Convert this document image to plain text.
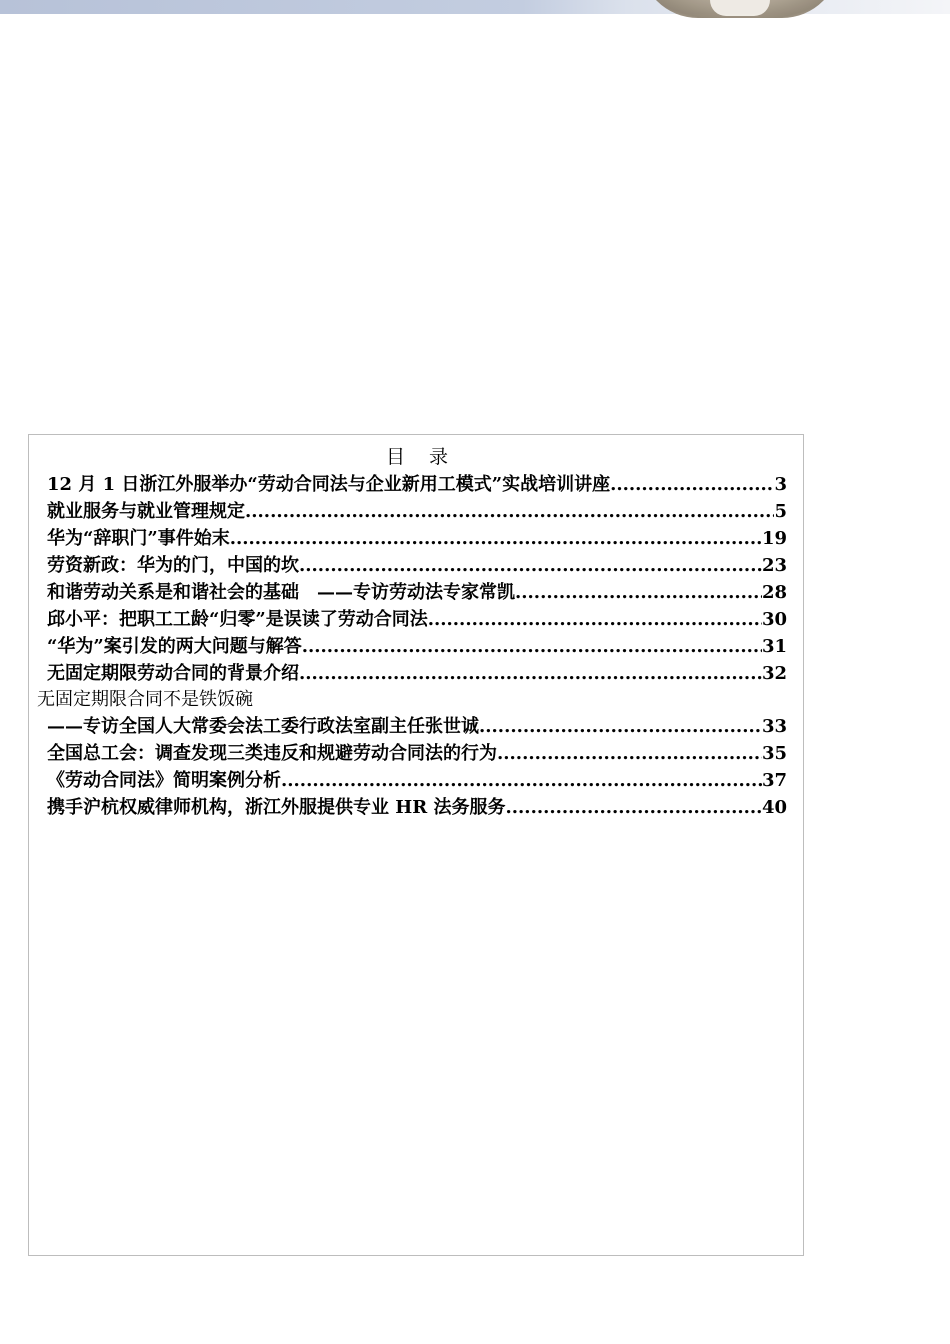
目 录
12 月 1 日浙江外服举办“劳动合同法与企业新用工模式”实战培训讲座 .....	3
就业服务与就业管理规定 .....	5
华为“辞职门”事件始末 .....	19
劳资新政：华为的门，中国的坎 .....	23
和谐劳动关系是和谐社会的基础　——专访劳动法专家常凯 .....	28
邱小平：把职工工龄“归零”是误读了劳动合同法 .....	30
“华为”案引发的两大问题与解答 .....	31
无固定期限劳动合同的背景介绍 .....	32
无固定期限合同不是铁饭碗
——专访全国人大常委会法工委行政法室副主任张世诚 .....	33
全国总工会：调查发现三类违反和规避劳动合同法的行为 .....	35
《劳动合同法》简明案例分析 .....	37
携手沪杭权威律师机构，浙江外服提供专业 HR 法务服务 .....	40
